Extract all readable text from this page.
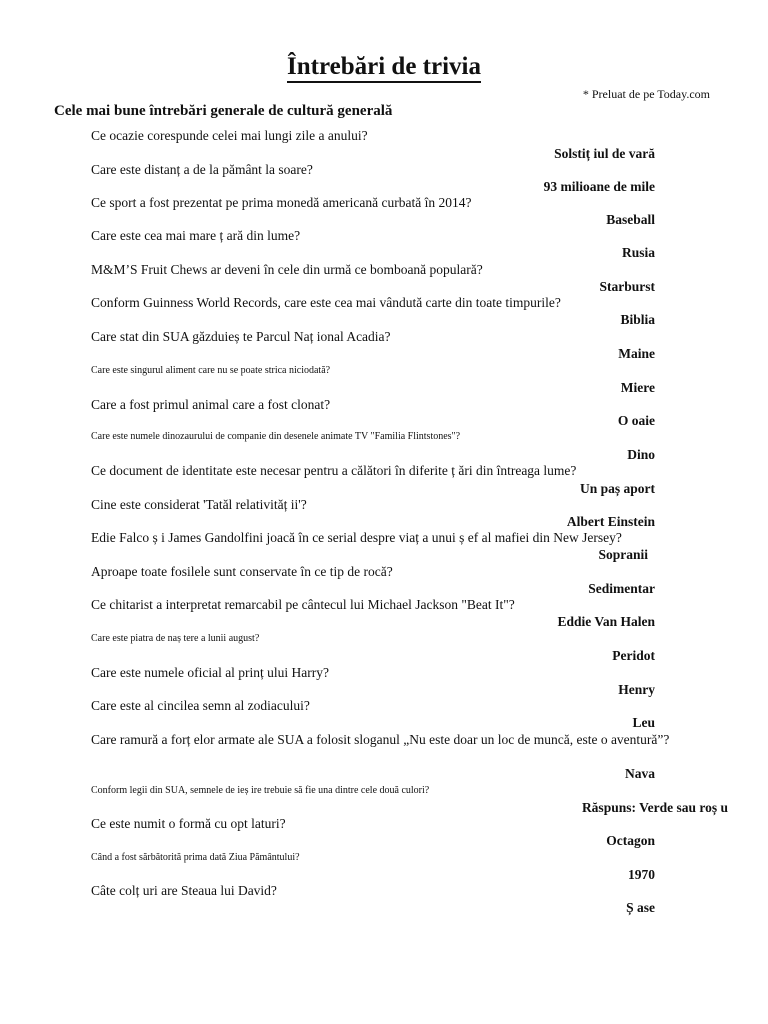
Întrebări de trivia
* Preluat de pe Today.com
Cele mai bune întrebări generale de cultură generală
Ce ocazie corespunde celei mai lungi zile a anului?
Solstiț iul de vară
Care este distanț a de la pământ la soare?
93 milioane de mile
Ce sport a fost prezentat pe prima monedă americană curbată în 2014?
Baseball
Care este cea mai mare ț ară din lume?
Rusia
M&M’S Fruit Chews ar deveni în cele din urmă ce bomboană populară?
Starburst
Conform Guinness World Records, care este cea mai vândută carte din toate timpurile?
Biblia
Care stat din SUA găzduieș te Parcul Naț ional Acadia?
Maine
Care este singurul aliment care nu se poate strica niciodată?
Miere
Care a fost primul animal care a fost clonat?
O oaie
Care este numele dinozaurului de companie din desenele animate TV "Familia Flintstones"?
Dino
Ce document de identitate este necesar pentru a călători în diferite ț ări din întreaga lume?
Un paș aport
Cine este considerat 'Tatăl relativităț ii'?
Albert Einstein
Edie Falco ș i James Gandolfini joacă în ce serial despre viaț a unui ș ef al mafiei din New Jersey?
Sopranii
Aproape toate fosilele sunt conservate în ce tip de rocă?
Sedimentar
Ce chitarist a interpretat remarcabil pe cântecul lui Michael Jackson "Beat It"?
Eddie Van Halen
Care este piatra de naș tere a lunii august?
Peridot
Care este numele oficial al prinț ului Harry?
Henry
Care este al cincilea semn al zodiacului?
Leu
Care ramură a forț elor armate ale SUA a folosit sloganul „Nu este doar un loc de muncă, este o aventură”?
Nava
Conform legii din SUA, semnele de ieș ire trebuie să fie una dintre cele două culori?
Răspuns: Verde sau roș u
Ce este numit o formă cu opt laturi?
Octagon
Când a fost sărbătorită prima dată Ziua Pământului?
1970
Câte colț uri are Steaua lui David?
Ș ase
